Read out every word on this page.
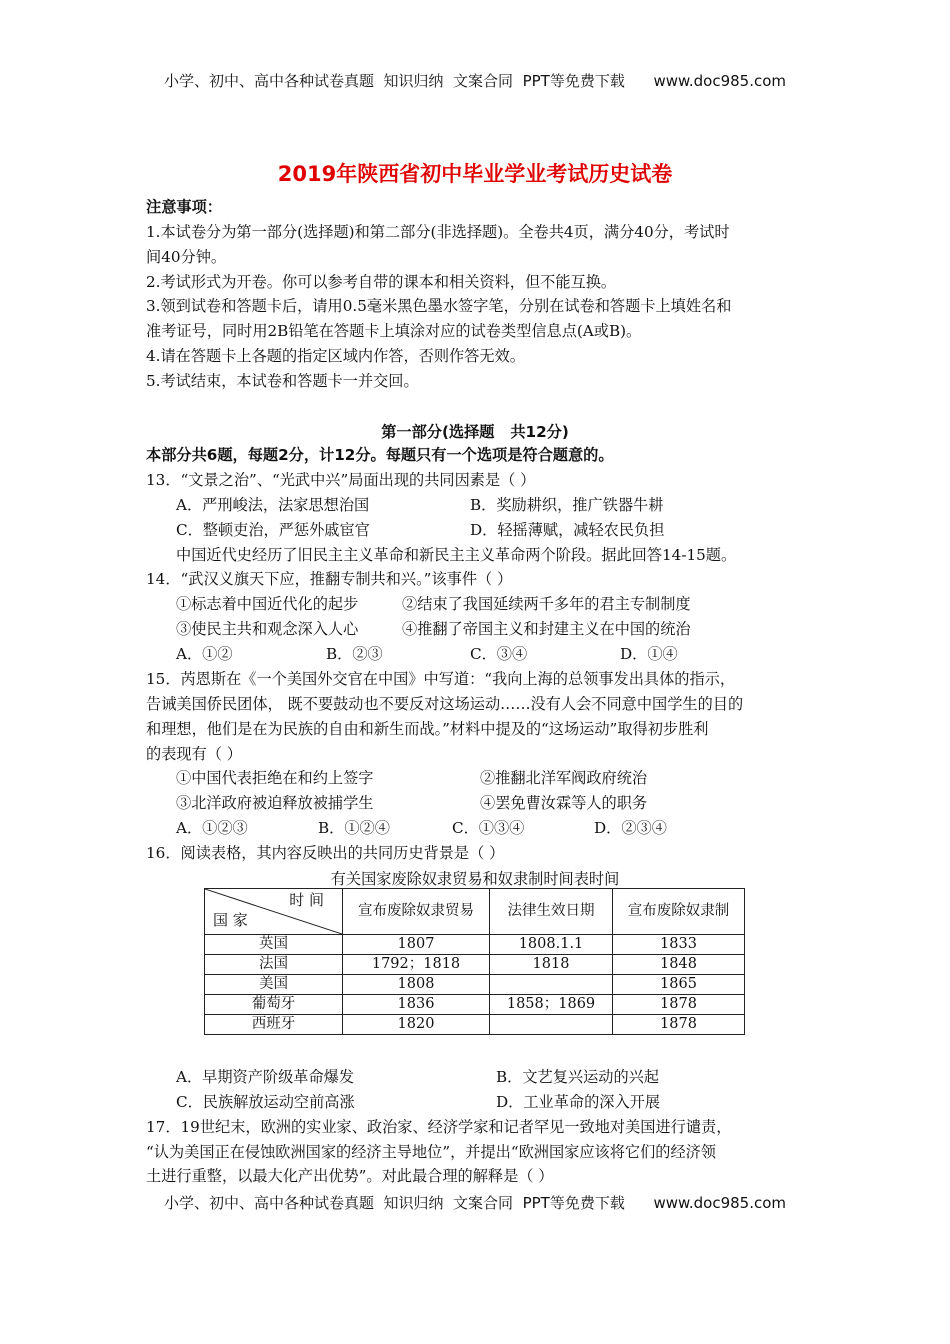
小学、初中、高中各种试卷真题  知识归纳  文案合同  PPT等免费下载      www.doc985.com
2019年陕西省初中毕业学业考试历史试卷
注意事项：
1.本试卷分为第一部分(选择题)和第二部分(非选择题)。全卷共4页，满分40分，考试时
间40分钟。
2.考试形式为开卷。你可以参考自带的课本和相关资料，但不能互换。
3.领到试卷和答题卡后，请用0.5毫米黑色墨水签字笔，分别在试卷和答题卡上填姓名和
准考证号，同时用2B铅笔在答题卡上填涂对应的试卷类型信息点(A或B)。
4.请在答题卡上各题的指定区域内作答，否则作答无效。
5.考试结束，本试卷和答题卡一并交回。
第一部分(选择题   共12分)
本部分共6题，每题2分，计12分。每题只有一个选项是符合题意的。
13．“文景之治”、“光武中兴”局面出现的共同因素是（ ）
A．严刑峻法，法家思想治国	B．奖励耕织，推广铁器牛耕
C．整顿吏治，严惩外戚宦官	D．轻摇薄赋，减轻农民负担
中国近代史经历了旧民主主义革命和新民主主义革命两个阶段。据此回答14-15题。
14．“武汉义旗天下应，推翻专制共和兴。”该事件（ ）
①标志着中国近代化的起步	②结束了我国延续两千多年的君主专制制度
③使民主共和观念深入人心	④推翻了帝国主义和封建主义在中国的统治
A．①②	B．②③	C．③④	D．①④
15．芮恩斯在《一个美国外交官在中国》中写道：“我向上海的总领事发出具体的指示，
告诫美国侨民团体， 既不要鼓动也不要反对这场运动……没有人会不同意中国学生的目的
和理想，他们是在为民族的自由和新生而战。”材料中提及的“这场运动”取得初步胜利
的表现有（ ）
①中国代表拒绝在和约上签字	②推翻北洋军阀政府统治
③北洋政府被迫释放被捕学生	④罢免曹汝霖等人的职务
A．①②③	B．①②④	C．①③④	D．②③④
16．阅读表格，其内容反映出的共同历史背景是（ ）
有关国家废除奴隶贸易和奴隶制时间表时间
时 间
国 家	宣布废除奴隶贸易	法律生效日期	宣布废除奴隶制
英国	1807	1808.1.1	1833
法国	1792；1818	1818	1848
美国	1808		1865
葡萄牙	1836	1858；1869	1878
西班牙	1820		1878
A．早期资产阶级革命爆发	B．文艺复兴运动的兴起
C．民族解放运动空前高涨	D．工业革命的深入开展
17．19世纪末，欧洲的实业家、政治家、经济学家和记者罕见一致地对美国进行谴责，
“认为美国正在侵蚀欧洲国家的经济主导地位”，并提出“欧洲国家应该将它们的经济领
土进行重整，以最大化产出优势”。对此最合理的解释是（ ）
小学、初中、高中各种试卷真题  知识归纳  文案合同  PPT等免费下载      www.doc985.com
